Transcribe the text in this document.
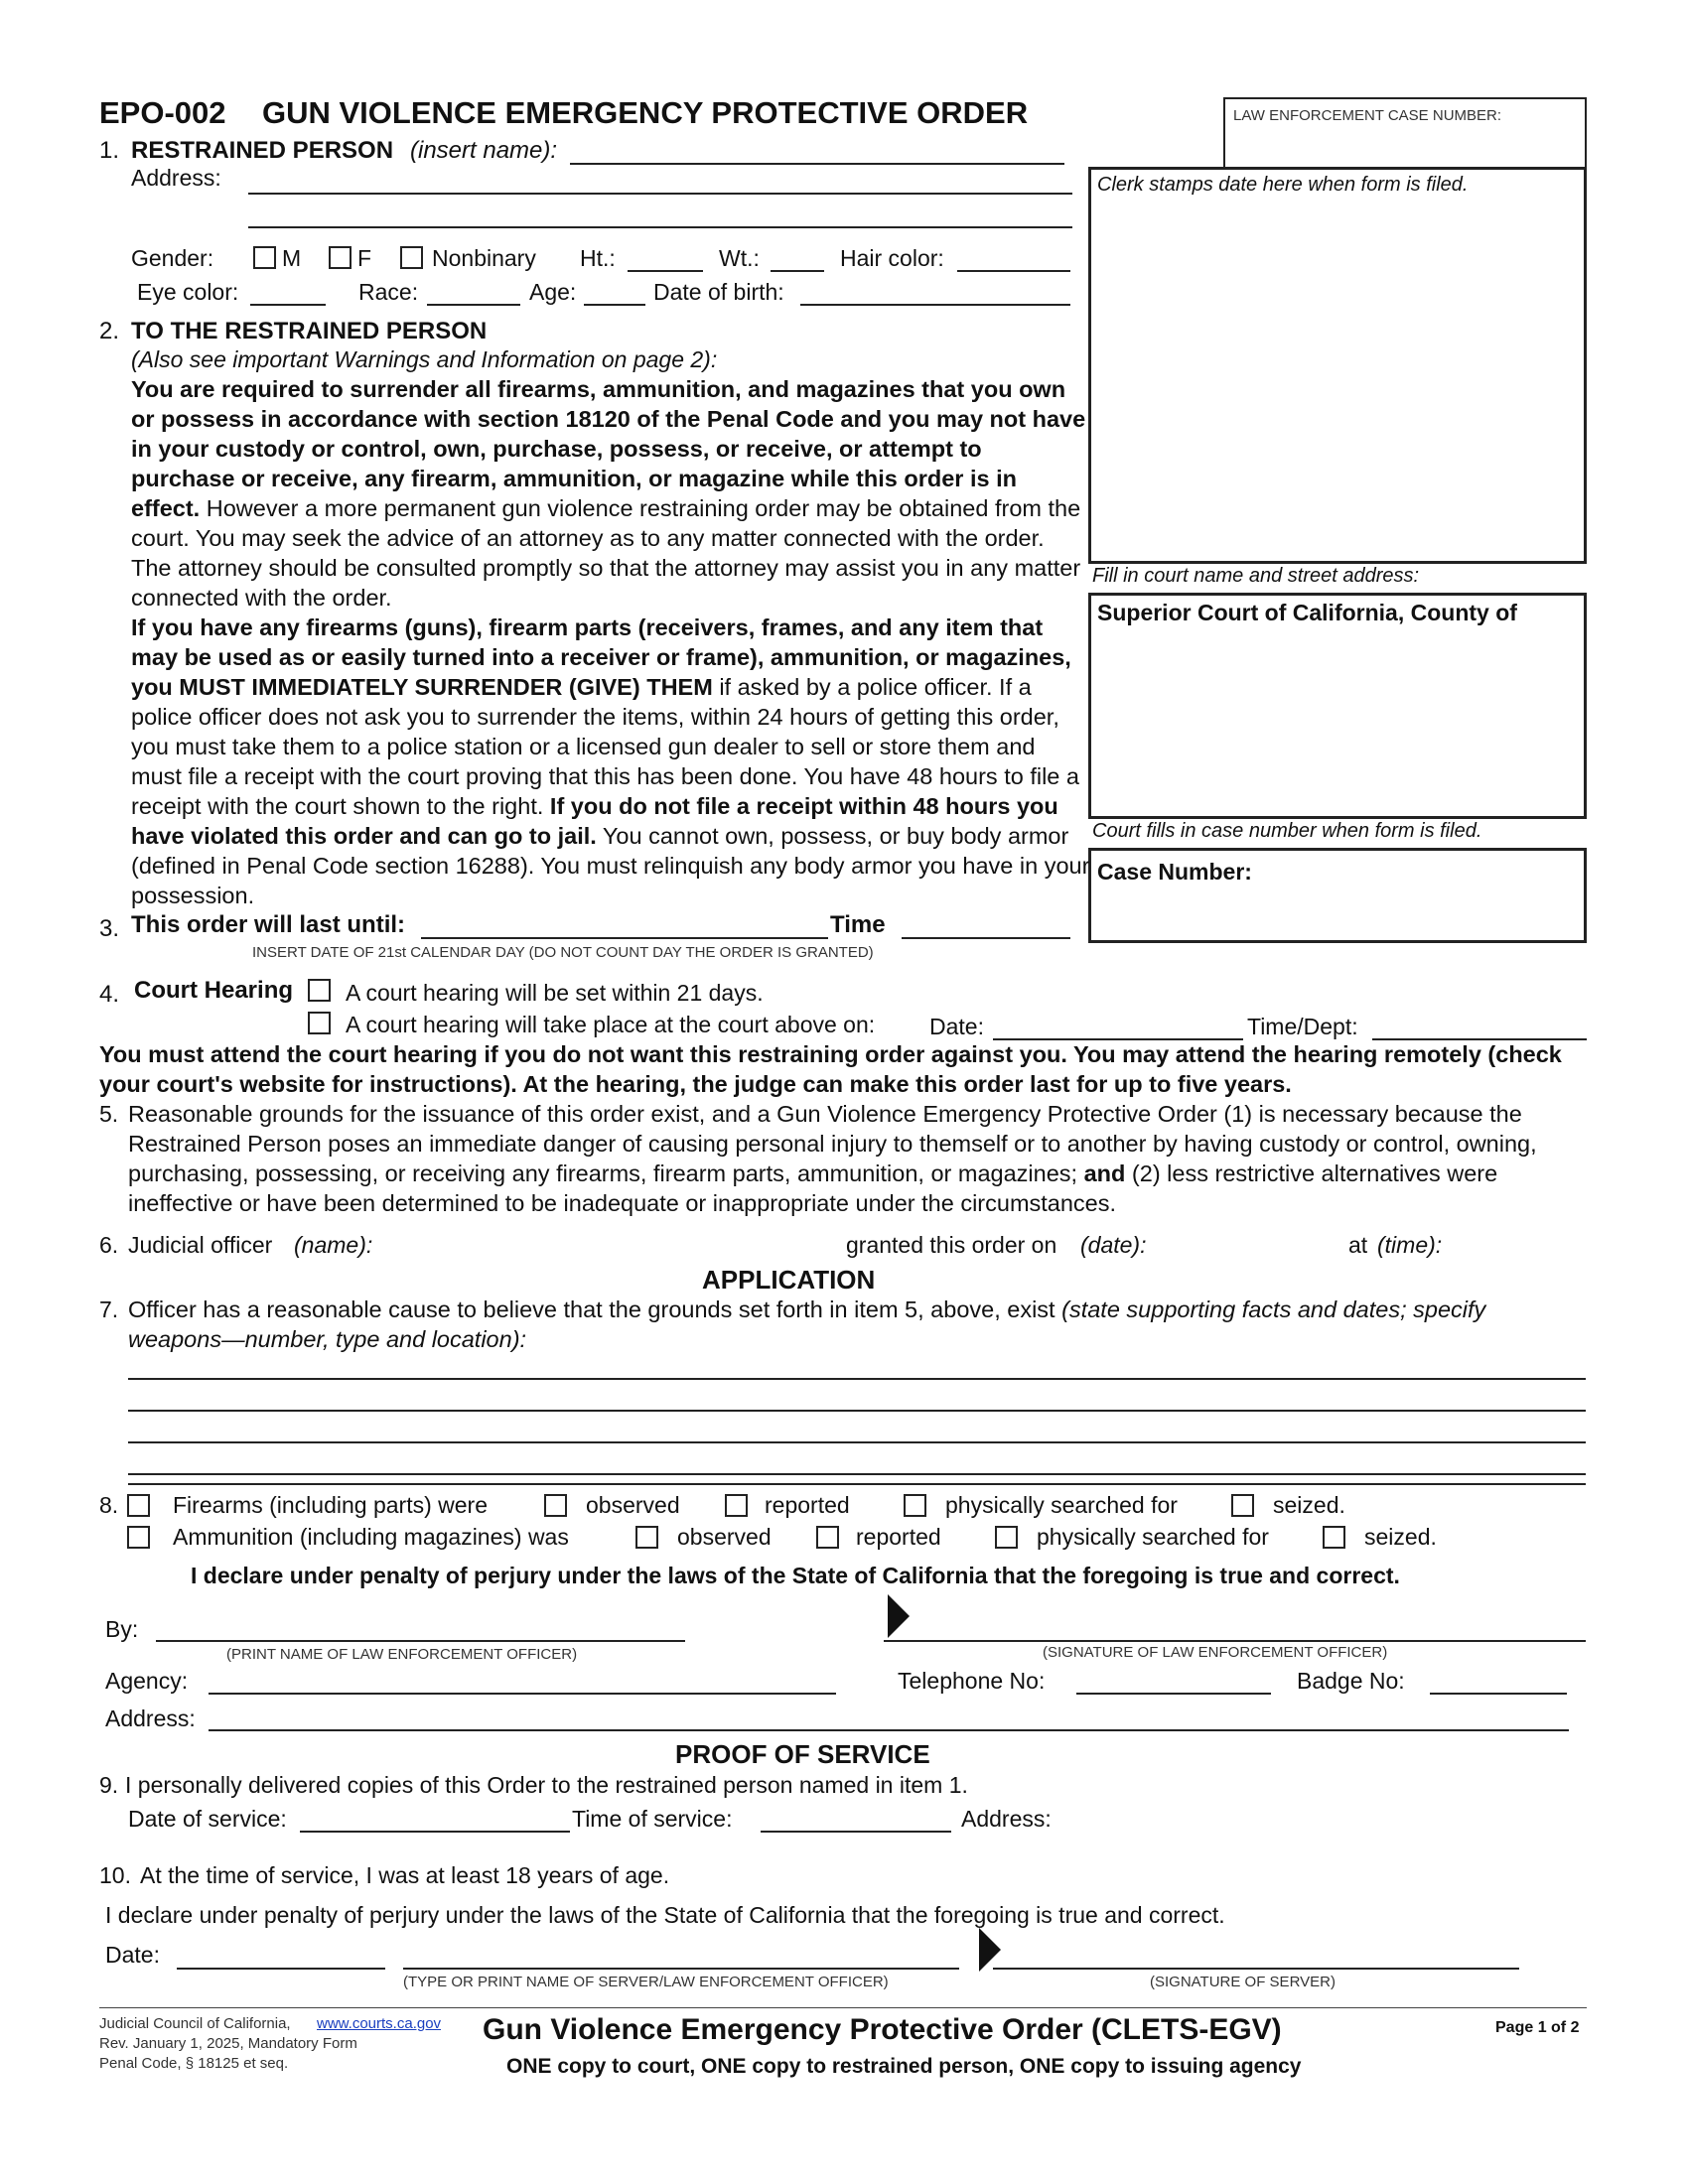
EPO-002 GUN VIOLENCE EMERGENCY PROTECTIVE ORDER	LAW ENFORCEMENT CASE NUMBER:
Clerk stamps date here when form is filed.
Fill in court name and street address:
Superior Court of California, County of
Court fills in case number when form is filed.
Case Number:
1. RESTRAINED PERSON (insert name):
Address:
Gender:	M F	Nonbinary Ht.:	Wt.:	Hair color:
Eye color:	Race:	Age:	Date of birth:
2. TO THE RESTRAINED PERSON
(Also see important Warnings and Information on page 2):
You are required to surrender all firearms, ammunition, and magazines that you own or possess in accordance with section 18120 of the Penal Code and you may not have in your custody or control, own, purchase, possess, or receive, or attempt to purchase or receive, any firearm, ammunition, or magazine while this order is in effect. However a more permanent gun violence restraining order may be obtained from the court. You may seek the advice of an attorney as to any matter connected with the order. The attorney should be consulted promptly so that the attorney may assist you in any matter connected with the order.
If you have any firearms (guns), firearm parts (receivers, frames, and any item that may be used as or easily turned into a receiver or frame), ammunition, or magazines, you MUST IMMEDIATELY SURRENDER (GIVE) THEM if asked by a police officer. If a police officer does not ask you to surrender the items, within 24 hours of getting this order, you must take them to a police station or a licensed gun dealer to sell or store them and must file a receipt with the court proving that this has been done. You have 48 hours to file a receipt with the court shown to the right. If you do not file a receipt within 48 hours you have violated this order and can go to jail. You cannot own, possess, or buy body armor (defined in Penal Code section 16288). You must relinquish any body armor you have in your possession.
3. This order will last until:	Time
INSERT DATE OF 21st CALENDAR DAY (DO NOT COUNT DAY THE ORDER IS GRANTED)
4. Court Hearing A court hearing will be set within 21 days.
A court hearing will take place at the court above on: Date:	Time/Dept:
You must attend the court hearing if you do not want this restraining order against you. You may attend the hearing remotely (check your court's website for instructions). At the hearing, the judge can make this order last for up to five years.
5. Reasonable grounds for the issuance of this order exist, and a Gun Violence Emergency Protective Order (1) is necessary because the Restrained Person poses an immediate danger of causing personal injury to themself or to another by having custody or control, owning, purchasing, possessing, or receiving any firearms, firearm parts, ammunition, or magazines; and (2) less restrictive alternatives were ineffective or have been determined to be inadequate or inappropriate under the circumstances.
6. Judicial officer (name):	granted this order on (date):	at (time):
APPLICATION
7. Officer has a reasonable cause to believe that the grounds set forth in item 5, above, exist (state supporting facts and dates; specify weapons—number, type and location):
8. Firearms (including parts) were	observed	reported	physically searched for	seized.
Ammunition (including magazines) was	observed	reported	physically searched for	seized.
I declare under penalty of perjury under the laws of the State of California that the foregoing is true and correct.
By:
(PRINT NAME OF LAW ENFORCEMENT OFFICER)	(SIGNATURE OF LAW ENFORCEMENT OFFICER)
Agency:	Telephone No:	Badge No:
Address:
PROOF OF SERVICE
9. I personally delivered copies of this Order to the restrained person named in item 1.
Date of service:	Time of service:	Address:
10. At the time of service, I was at least 18 years of age.
I declare under penalty of perjury under the laws of the State of California that the foregoing is true and correct.
Date:
(TYPE OR PRINT NAME OF SERVER/LAW ENFORCEMENT OFFICER)	(SIGNATURE OF SERVER)
Judicial Council of California, www.courts.ca.gov
Rev. January 1, 2025, Mandatory Form
Penal Code, § 18125 et seq.
Gun Violence Emergency Protective Order (CLETS-EGV)
ONE copy to court, ONE copy to restrained person, ONE copy to issuing agency
Page 1 of 2
